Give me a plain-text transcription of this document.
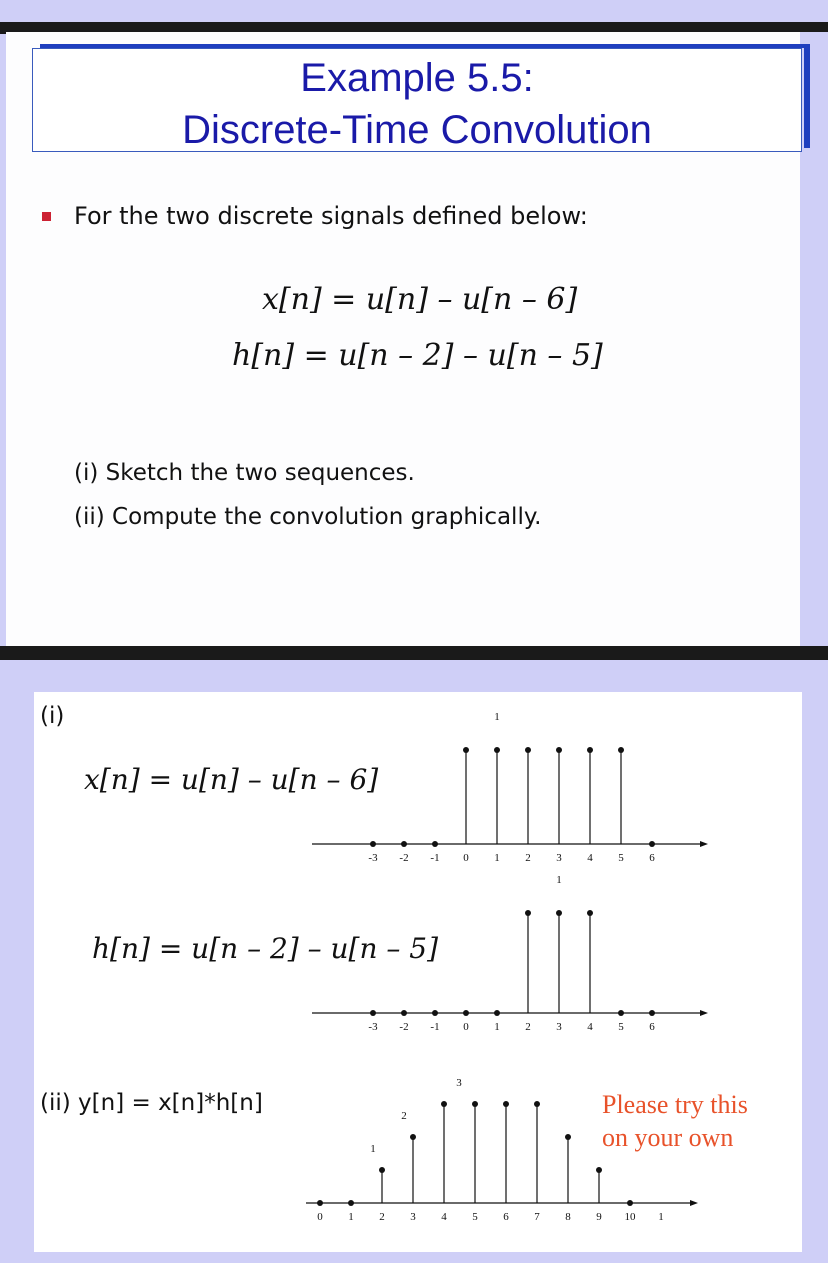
Example 5.5:
Discrete-Time Convolution
For the two discrete signals defined below:
x[n] = u[n] – u[n – 6]
h[n] = u[n – 2] – u[n – 5]
(i) Sketch the two sequences.
(ii) Compute the convolution graphically.
(i)
x[n] = u[n] – u[n – 6]
h[n] = u[n – 2] – u[n – 5]
(ii) y[n] = x[n]*h[n]	Please try this
on your own
-3 -2 -1 0 1 2 3 4 5 6
1
-3 -2 -1 0 1 2 3 4 5 6
1
0 1 2 3 4 5 6 7 8 9 10 1
1
2
3
